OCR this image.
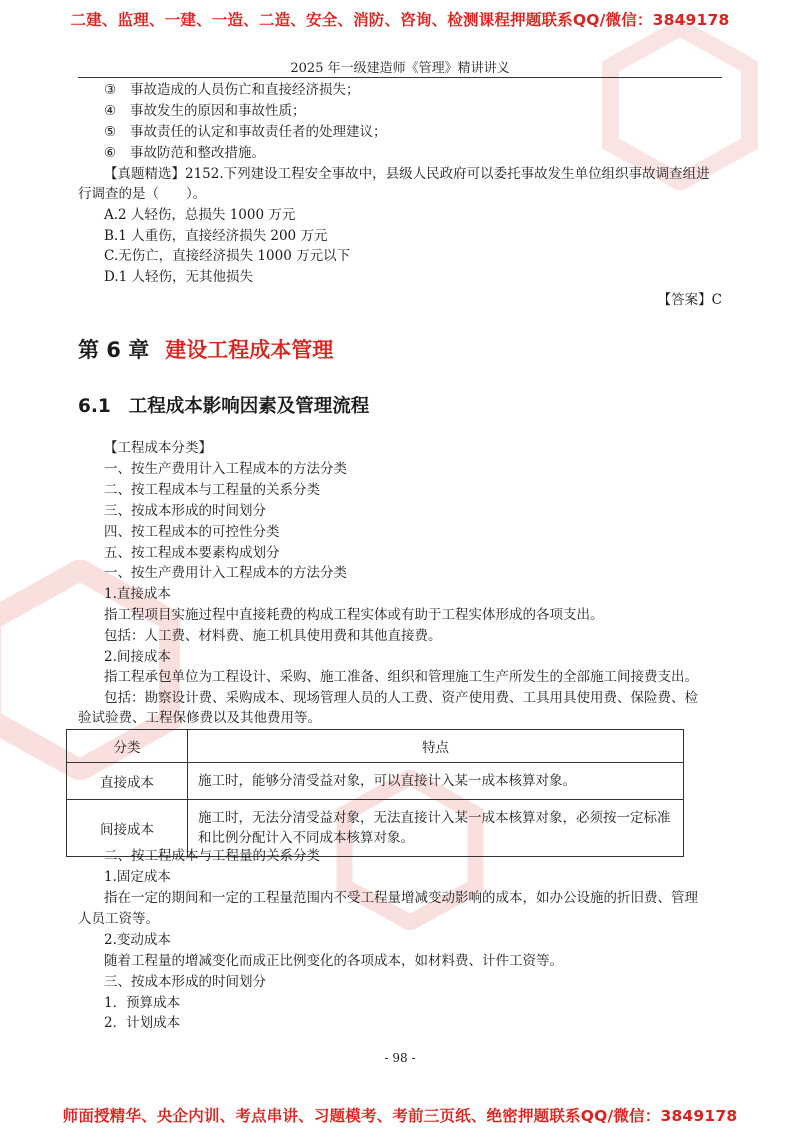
二建、监理、一建、一造、二造、安全、消防、咨询、检测课程押题联系QQ/微信：3849178
2025 年一级建造师《管理》精讲讲义
③ 事故造成的人员伤亡和直接经济损失；
④ 事故发生的原因和事故性质；
⑤ 事故责任的认定和事故责任者的处理建议；
⑥ 事故防范和整改措施。
【真题精选】2152.下列建设工程安全事故中，县级人民政府可以委托事故发生单位组织事故调查组进
行调查的是（　　）。
A.2 人轻伤，总损失 1000 万元
B.1 人重伤，直接经济损失 200 万元
C.无伤亡，直接经济损失 1000 万元以下
D.1 人轻伤，无其他损失
【答案】C
第 6 章 建设工程成本管理
6.1 工程成本影响因素及管理流程
【工程成本分类】
一、按生产费用计入工程成本的方法分类
二、按工程成本与工程量的关系分类
三、按成本形成的时间划分
四、按工程成本的可控性分类
五、按工程成本要素构成划分
一、按生产费用计入工程成本的方法分类
1.直接成本
指工程项目实施过程中直接耗费的构成工程实体或有助于工程实体形成的各项支出。
包括：人工费、材料费、施工机具使用费和其他直接费。
2.间接成本
指工程承包单位为工程设计、采购、施工准备、组织和管理施工生产所发生的全部施工间接费支出。
包括：勘察设计费、采购成本、现场管理人员的人工费、资产使用费、工具用具使用费、保险费、检
验试验费、工程保修费以及其他费用等。
分类	特点
直接成本	施工时，能够分清受益对象，可以直接计入某一成本核算对象。
间接成本	施工时，无法分清受益对象，无法直接计入某一成本核算对象，必须按一定标准和比例分配计入不同成本核算对象。
二、按工程成本与工程量的关系分类
1.固定成本
指在一定的期间和一定的工程量范围内不受工程量增减变动影响的成本，如办公设施的折旧费、管理
人员工资等。
2.变动成本
随着工程量的增减变化而成正比例变化的各项成本，如材料费、计件工资等。
三、按成本形成的时间划分
1．预算成本
2．计划成本
- 98 -
师面授精华、央企内训、考点串讲、习题模考、考前三页纸、绝密押题联系QQ/微信：3849178
